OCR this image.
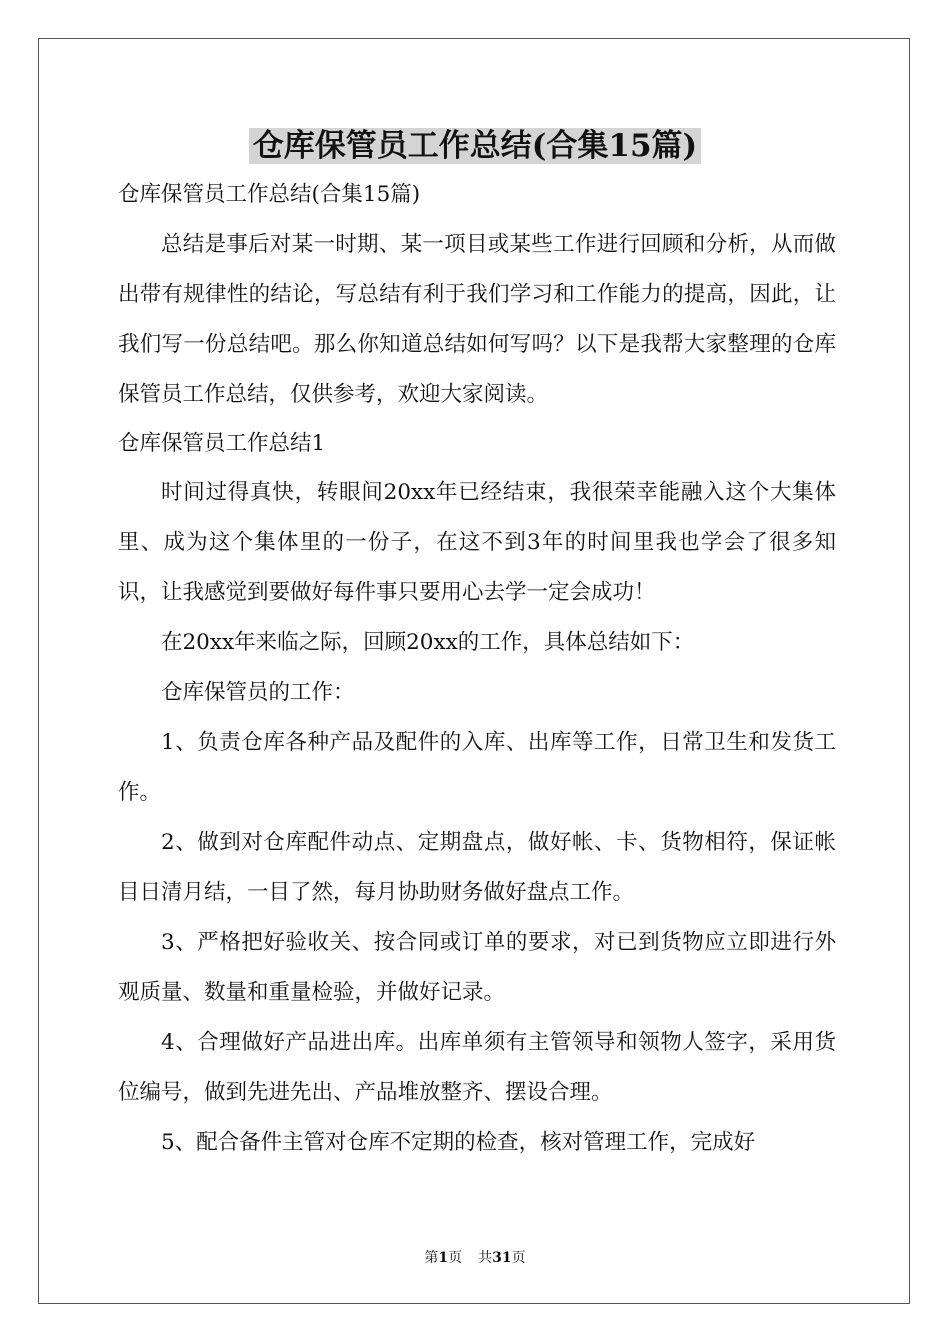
仓库保管员工作总结(合集15篇)
仓库保管员工作总结(合集15篇)

总结是事后对某一时期、某一项目或某些工作进行回顾和分析，从而做出带有规律性的结论，写总结有利于我们学习和工作能力的提高，因此，让我们写一份总结吧。那么你知道总结如何写吗？以下是我帮大家整理的仓库保管员工作总结，仅供参考，欢迎大家阅读。

仓库保管员工作总结1

时间过得真快，转眼间20xx年已经结束，我很荣幸能融入这个大集体里、成为这个集体里的一份子，在这不到3年的时间里我也学会了很多知识，让我感觉到要做好每件事只要用心去学一定会成功！

在20xx年来临之际，回顾20xx的工作，具体总结如下：

仓库保管员的工作：

1、负责仓库各种产品及配件的入库、出库等工作，日常卫生和发货工作。

2、做到对仓库配件动点、定期盘点，做好帐、卡、货物相符，保证帐目日清月结，一目了然，每月协助财务做好盘点工作。

3、严格把好验收关、按合同或订单的要求，对已到货物应立即进行外观质量、数量和重量检验，并做好记录。

4、合理做好产品进出库。出库单须有主管领导和领物人签字，采用货位编号，做到先进先出、产品堆放整齐、摆设合理。

5、配合备件主管对仓库不定期的检查，核对管理工作，完成好

第1页 共31页
